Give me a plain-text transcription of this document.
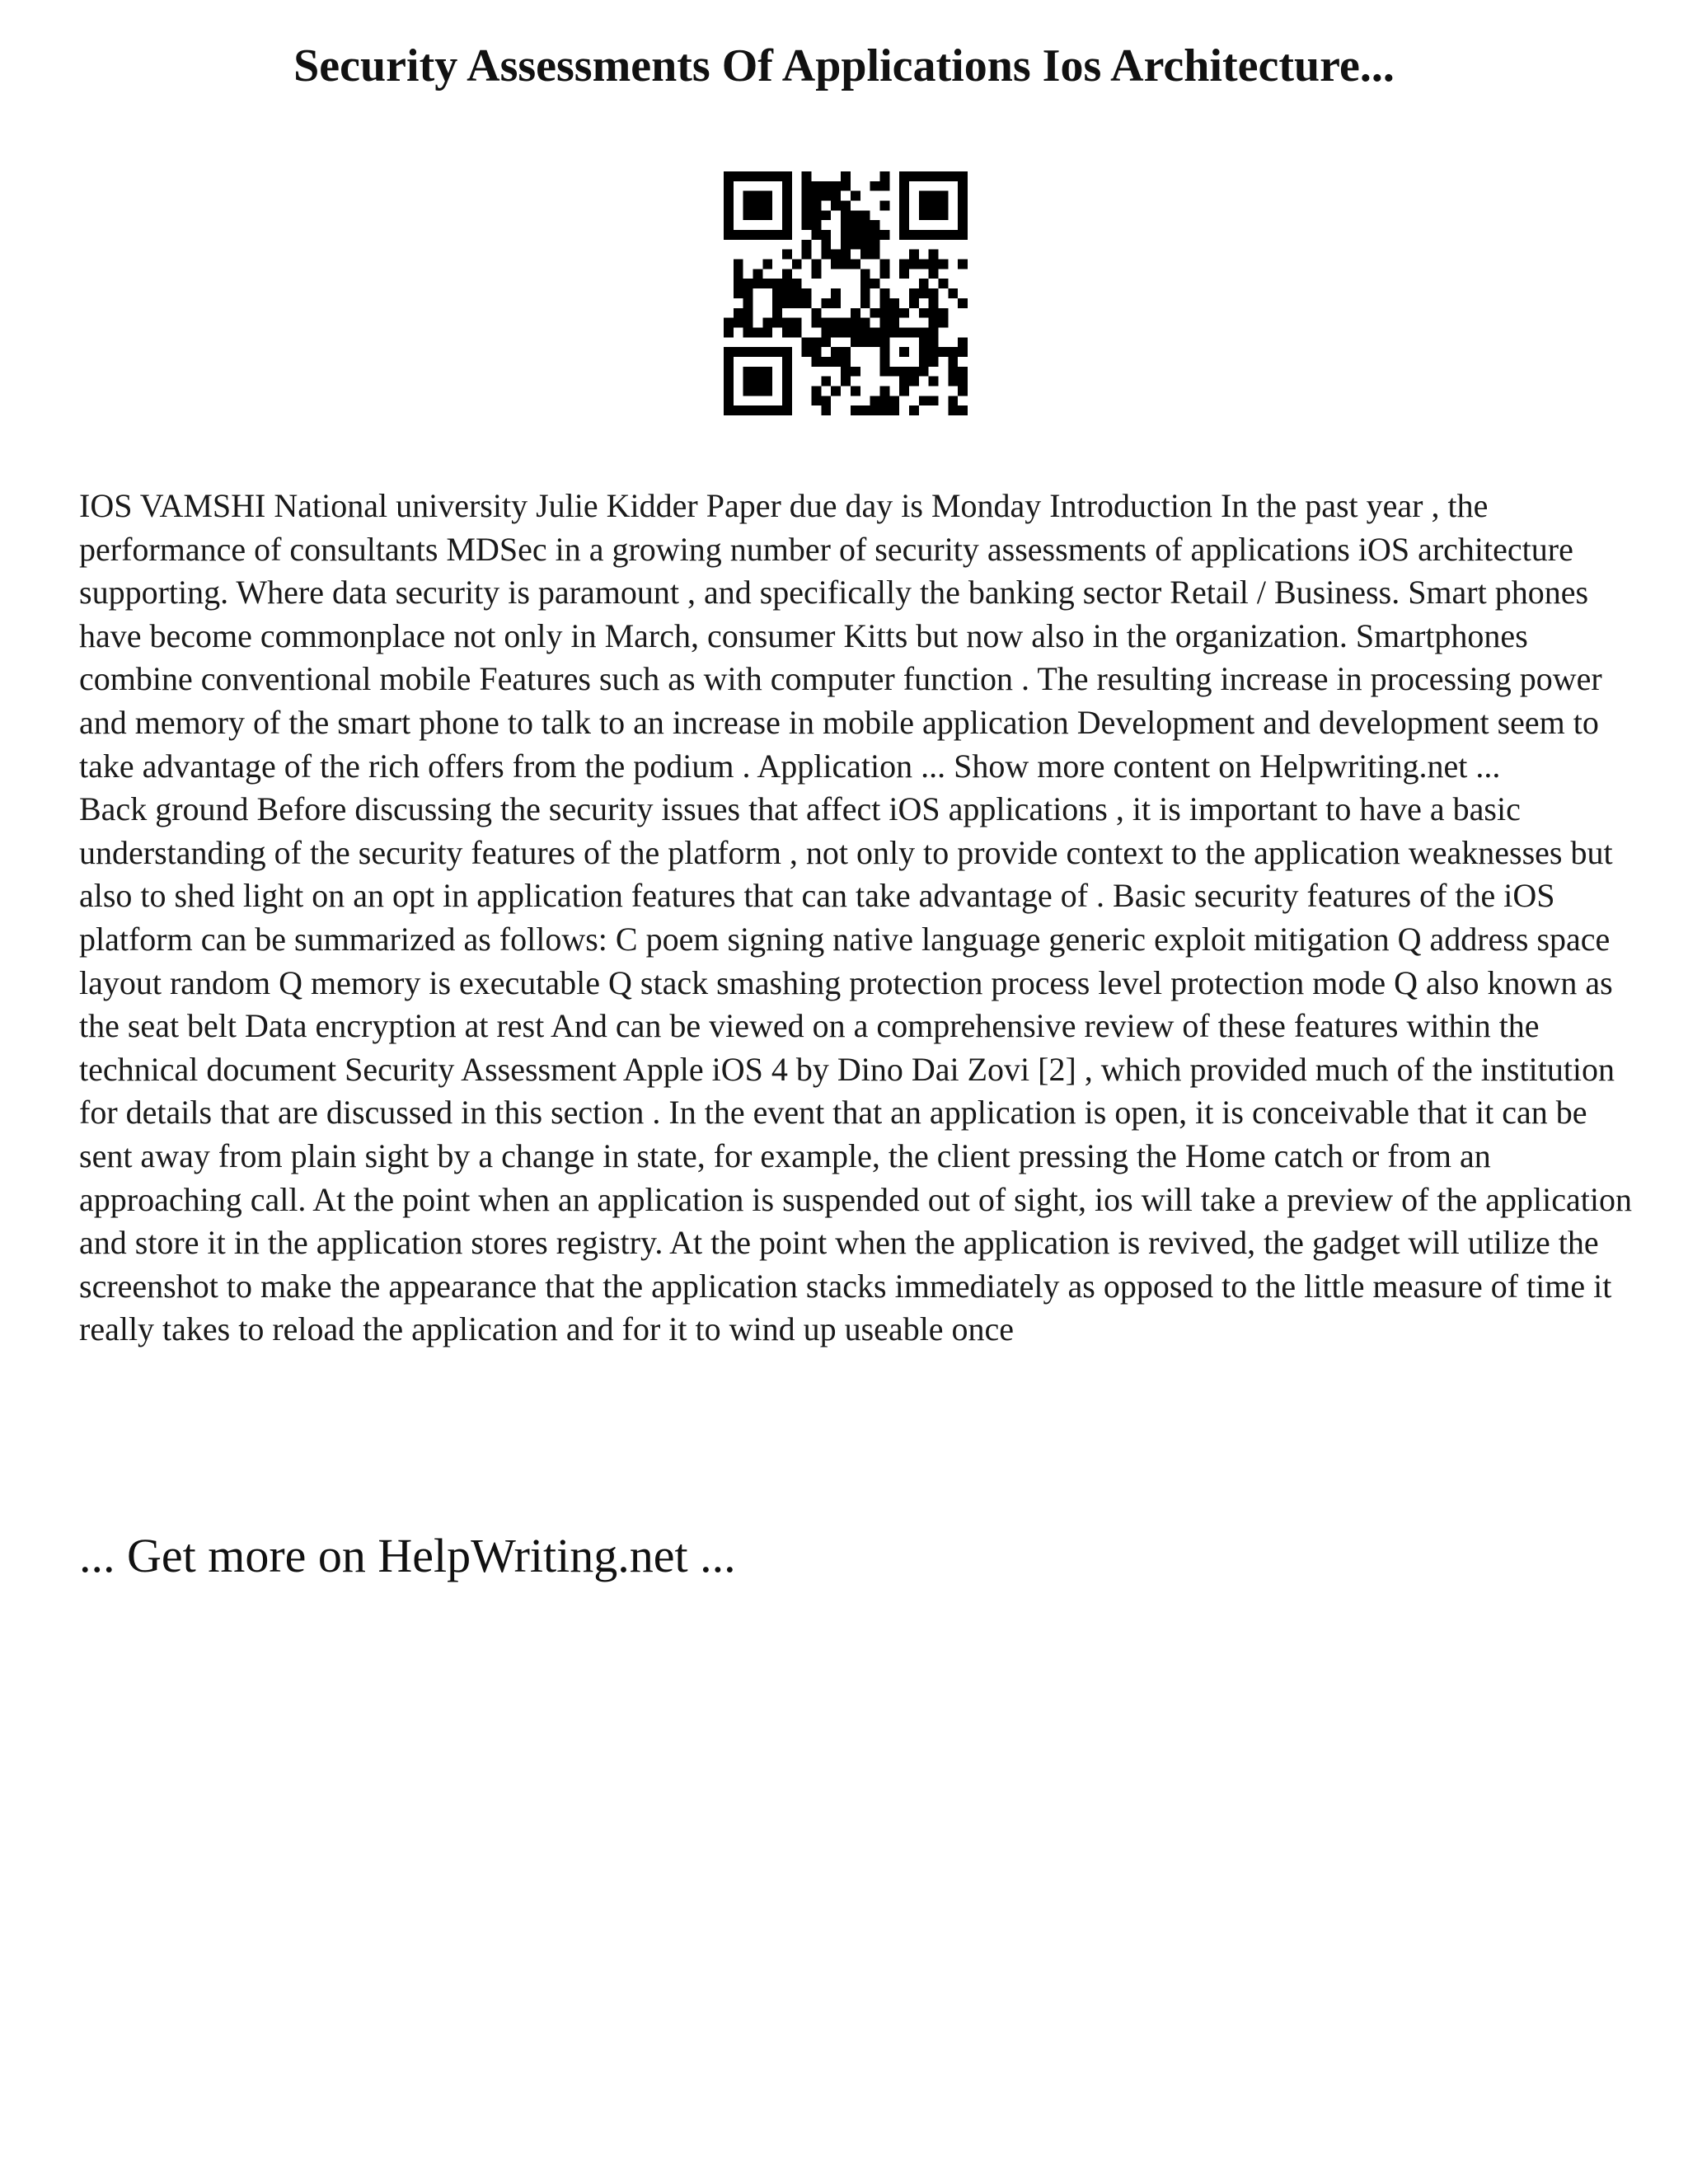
Security Assessments Of Applications Ios Architecture...

IOS VAMSHI National university Julie Kidder Paper due day is Monday Introduction In the past year , the performance of consultants MDSec in a growing number of security assessments of applications iOS architecture supporting. Where data security is paramount , and specifically the banking sector Retail / Business. Smart phones have become commonplace not only in March, consumer Kitts but now also in the organization. Smartphones combine conventional mobile Features such as with computer function . The resulting increase in processing power and memory of the smart phone to talk to an increase in mobile application Development and development seem to take advantage of the rich offers from the podium . Application ... Show more content on Helpwriting.net ...

Back ground Before discussing the security issues that affect iOS applications , it is important to have a basic understanding of the security features of the platform , not only to provide context to the application weaknesses but also to shed light on an opt in application features that can take advantage of . Basic security features of the iOS platform can be summarized as follows: C poem signing native language generic exploit mitigation Q address space layout random Q memory is executable Q stack smashing protection process level protection mode Q also known as the seat belt Data encryption at rest And can be viewed on a comprehensive review of these features within the technical document Security Assessment Apple iOS 4 by Dino Dai Zovi [2] , which provided much of the institution for details that are discussed in this section . In the event that an application is open, it is conceivable that it can be sent away from plain sight by a change in state, for example, the client pressing the Home catch or from an approaching call. At the point when an application is suspended out of sight, ios will take a preview of the application and store it in the application stores registry. At the point when the application is revived, the gadget will utilize the screenshot to make the appearance that the application stacks immediately as opposed to the little measure of time it really takes to reload the application and for it to wind up useable once

... Get more on HelpWriting.net ...
